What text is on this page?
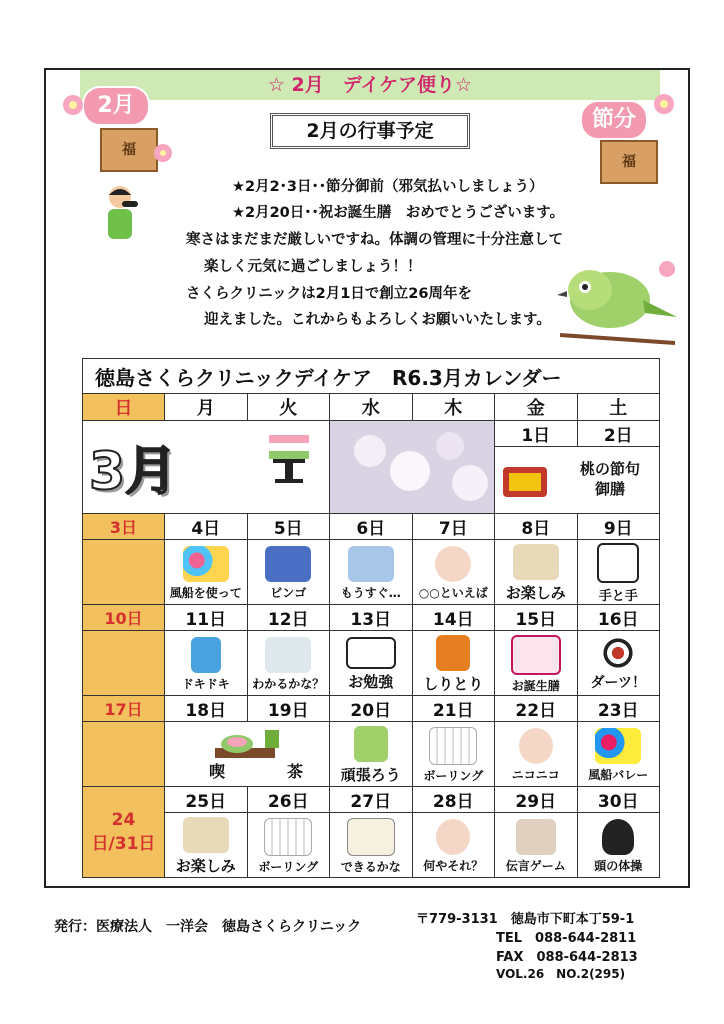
☆ 2月　デイケア便り☆
2月
福
節分
福
2月の行事予定
★2月2･3日･･節分御前（邪気払いしましょう）
★2月20日･･祝お誕生膳　おめでとうございます。
寒さはまだまだ厳しいですね。体調の管理に十分注意して
楽しく元気に過ごしましょう！！
さくらクリニックは2月1日で創立26周年を
迎えました。これからもよろしくお願いいたします。
徳島さくらクリニックデイケア　R6.3月カレンダー						
日	月	火	水	木	金	土

3月					1日	2日

					桃の節句御膳	

3日	4日	5日	6日	7日	8日	9日

	風船を使って	ビンゴ	もうすぐ…	○○といえば	お楽しみ	手と手

10日	11日	12日	13日	14日	15日	16日

	ドキドキ	わかるかな？	お勉強	しりとり	お誕生膳	ダーツ！

17日	18日	19日	20日	21日	22日	23日

	喫 茶		頑張ろう	ボーリング	ニコニコ	風船バレー

24日/31日	25日	26日	27日	28日	29日	30日

	お楽しみ	ボーリング	できるかな	何やそれ？	伝言ゲーム	頭の体操
発行：医療法人　一洋会　徳島さくらクリニック	〒779-3131　徳島市下町本丁59-1
TEL　088-644-2811
FAX　088-644-2813
VOL.26　NO.2(295)
